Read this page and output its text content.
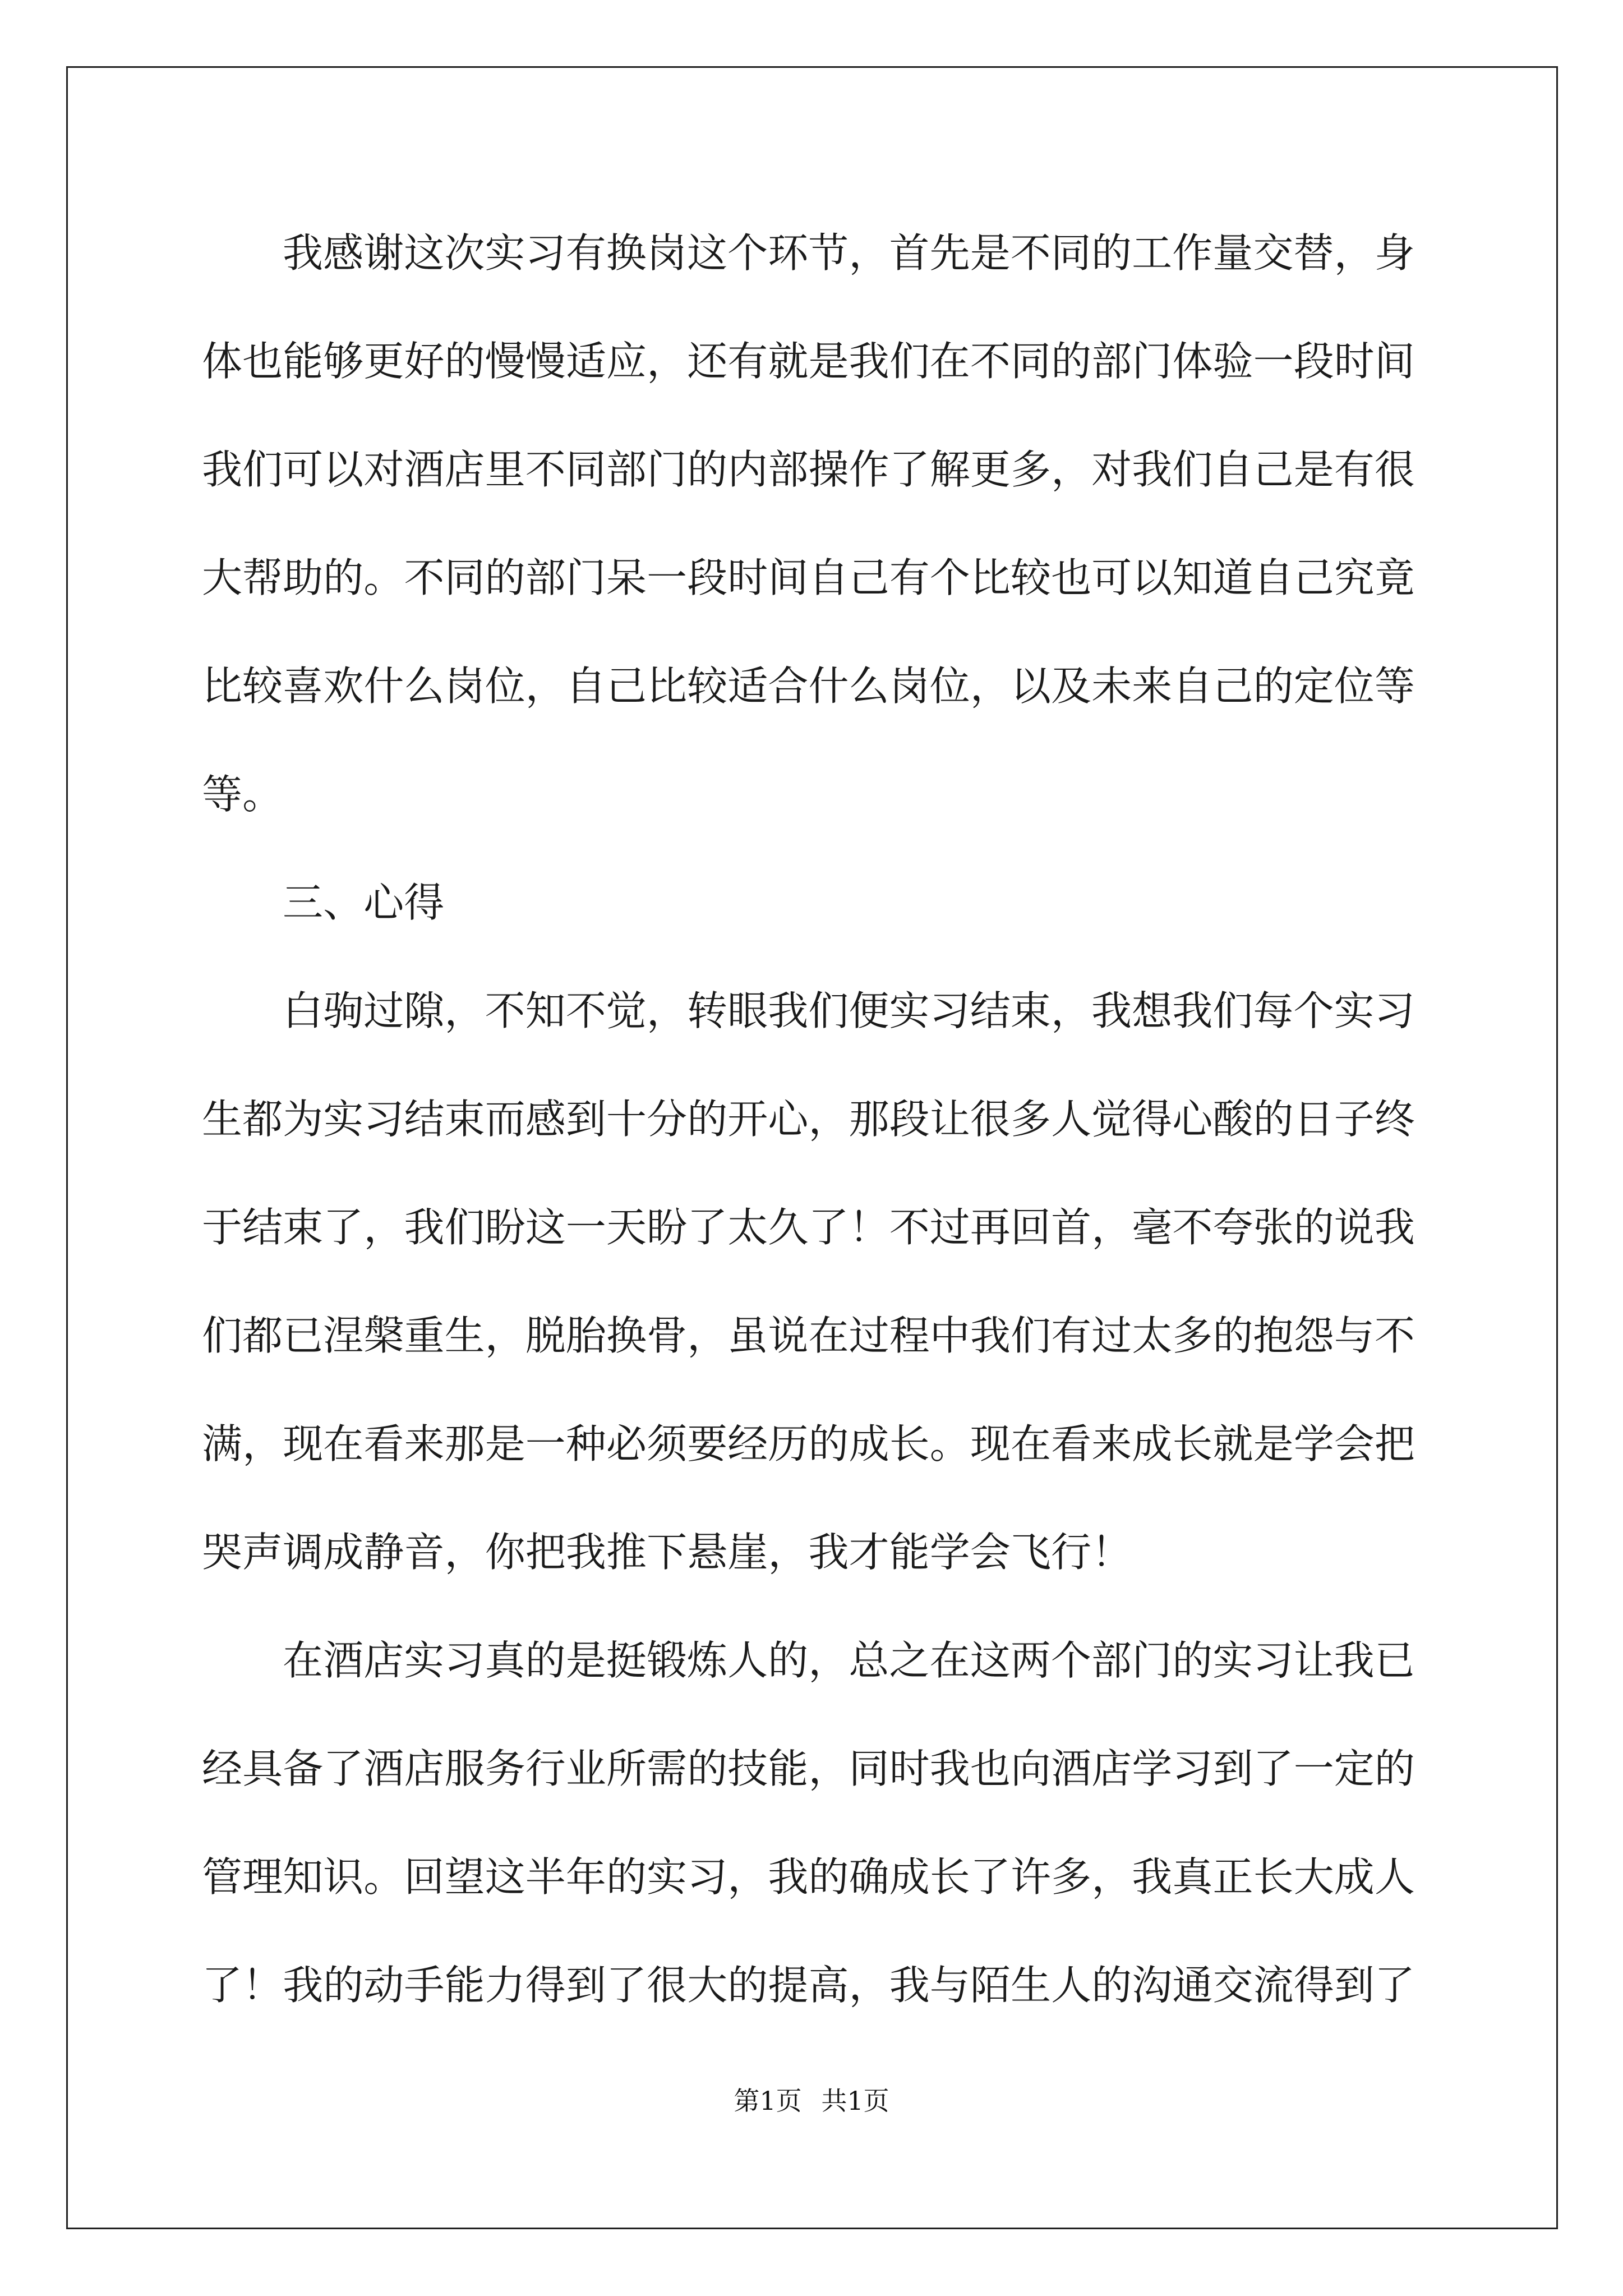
我感谢这次实习有换岗这个环节，首先是不同的工作量交替，身
体也能够更好的慢慢适应，还有就是我们在不同的部门体验一段时间
我们可以对酒店里不同部门的内部操作了解更多，对我们自己是有很
大帮助的。不同的部门呆一段时间自己有个比较也可以知道自己究竟
比较喜欢什么岗位，自己比较适合什么岗位，以及未来自己的定位等
等。
三、心得
白驹过隙，不知不觉，转眼我们便实习结束，我想我们每个实习
生都为实习结束而感到十分的开心，那段让很多人觉得心酸的日子终
于结束了，我们盼这一天盼了太久了！不过再回首，毫不夸张的说我
们都已涅槃重生，脱胎换骨，虽说在过程中我们有过太多的抱怨与不
满，现在看来那是一种必须要经历的成长。现在看来成长就是学会把
哭声调成静音，你把我推下悬崖，我才能学会飞行！
在酒店实习真的是挺锻炼人的，总之在这两个部门的实习让我已
经具备了酒店服务行业所需的技能，同时我也向酒店学习到了一定的
管理知识。回望这半年的实习，我的确成长了许多，我真正长大成人
了！我的动手能力得到了很大的提高，我与陌生人的沟通交流得到了
第1页 共1页
